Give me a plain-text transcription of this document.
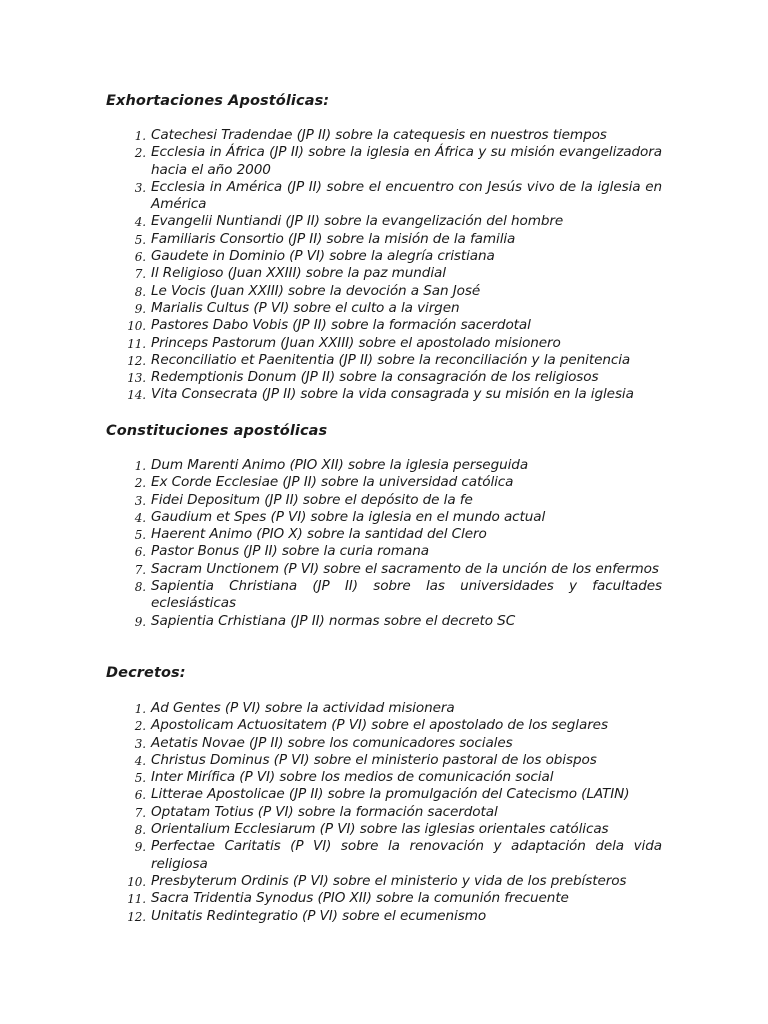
Exhortaciones Apostólicas:
1. Catechesi Tradendae (JP II) sobre la catequesis en nuestros tiempos
2. Ecclesia in África (JP II) sobre la iglesia en África y su misión evangelizadora hacia el año 2000
3. Ecclesia in América (JP II) sobre el encuentro con Jesús vivo de la iglesia en América
4. Evangelii Nuntiandi (JP II) sobre la evangelización del hombre
5. Familiaris Consortio (JP II) sobre la misión de la familia
6. Gaudete in Dominio (P VI) sobre la alegría cristiana
7. Il Religioso (Juan XXIII) sobre la paz mundial
8. Le Vocis (Juan XXIII) sobre la devoción a San José
9. Marialis Cultus (P VI) sobre el culto a la virgen
10. Pastores Dabo Vobis (JP II) sobre la formación sacerdotal
11. Princeps Pastorum (Juan XXIII) sobre el apostolado misionero
12. Reconciliatio et Paenitentia (JP II) sobre la reconciliación y la penitencia
13. Redemptionis Donum (JP II) sobre la consagración de los religiosos
14. Vita Consecrata (JP II) sobre la vida consagrada y su misión en la iglesia
Constituciones apostólicas
1. Dum Marenti Animo (PIO XII) sobre la iglesia perseguida
2. Ex Corde Ecclesiae (JP II) sobre la universidad católica
3. Fidei Depositum (JP II) sobre el depósito de la fe
4. Gaudium et Spes (P VI) sobre la iglesia en el mundo actual
5. Haerent Animo (PIO X) sobre la santidad del Clero
6. Pastor Bonus (JP II) sobre la curia romana
7. Sacram Unctionem (P VI) sobre el sacramento de la unción de los enfermos
8. Sapientia Christiana (JP II) sobre las universidades y facultades eclesiásticas
9. Sapientia Crhistiana (JP II) normas sobre el decreto SC
Decretos:
1. Ad Gentes (P VI) sobre la actividad misionera
2. Apostolicam Actuositatem (P VI) sobre el apostolado de los seglares
3. Aetatis Novae (JP II) sobre los comunicadores sociales
4. Christus Dominus (P VI) sobre el ministerio pastoral de los obispos
5. Inter Mirífica (P VI) sobre los medios de comunicación social
6. Litterae Apostolicae (JP II) sobre la promulgación del Catecismo (LATIN)
7. Optatam Totius (P VI) sobre la formación sacerdotal
8. Orientalium Ecclesiarum (P VI) sobre las iglesias orientales católicas
9. Perfectae Caritatis (P VI) sobre la renovación y adaptación dela vida religiosa
10. Presbyterum Ordinis (P VI) sobre el ministerio y vida de los prebísteros
11. Sacra Tridentia Synodus (PIO XII) sobre la comunión frecuente
12. Unitatis Redintegratio (P VI) sobre el ecumenismo
